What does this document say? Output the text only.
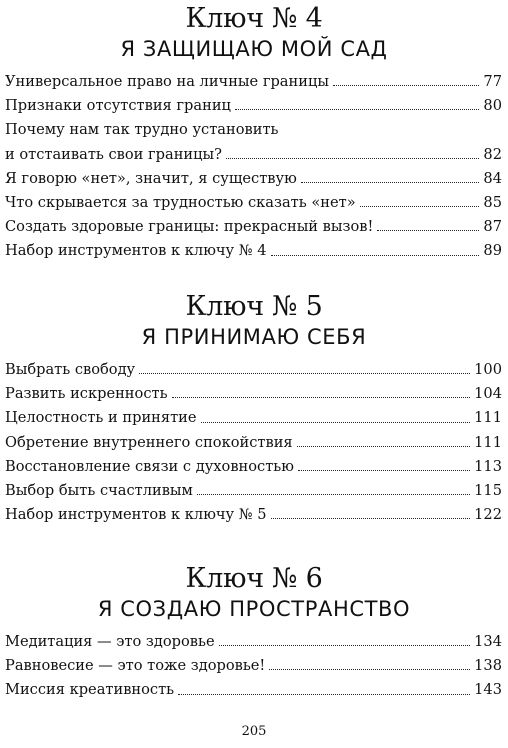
Ключ № 4
Я ЗАЩИЩАЮ МОЙ САД
Универсальное право на личные границы	77
Признаки отсутствия границ	80
Почему нам так трудно установить
и отстаивать свои границы?	82
Я говорю «нет», значит, я существую	84
Что скрывается за трудностью сказать «нет»	85
Создать здоровые границы: прекрасный вызов!	87
Набор инструментов к ключу № 4	89
Ключ № 5
Я ПРИНИМАЮ СЕБЯ
Выбрать свободу	100
Развить искренность	104
Целостность и принятие	111
Обретение внутреннего спокойствия	111
Восстановление связи с духовностью	113
Выбор быть счастливым	115
Набор инструментов к ключу № 5	122
Ключ № 6
Я СОЗДАЮ ПРОСТРАНСТВО
Медитация — это здоровье	134
Равновесие — это тоже здоровье!	138
Миссия креативность	143
205
